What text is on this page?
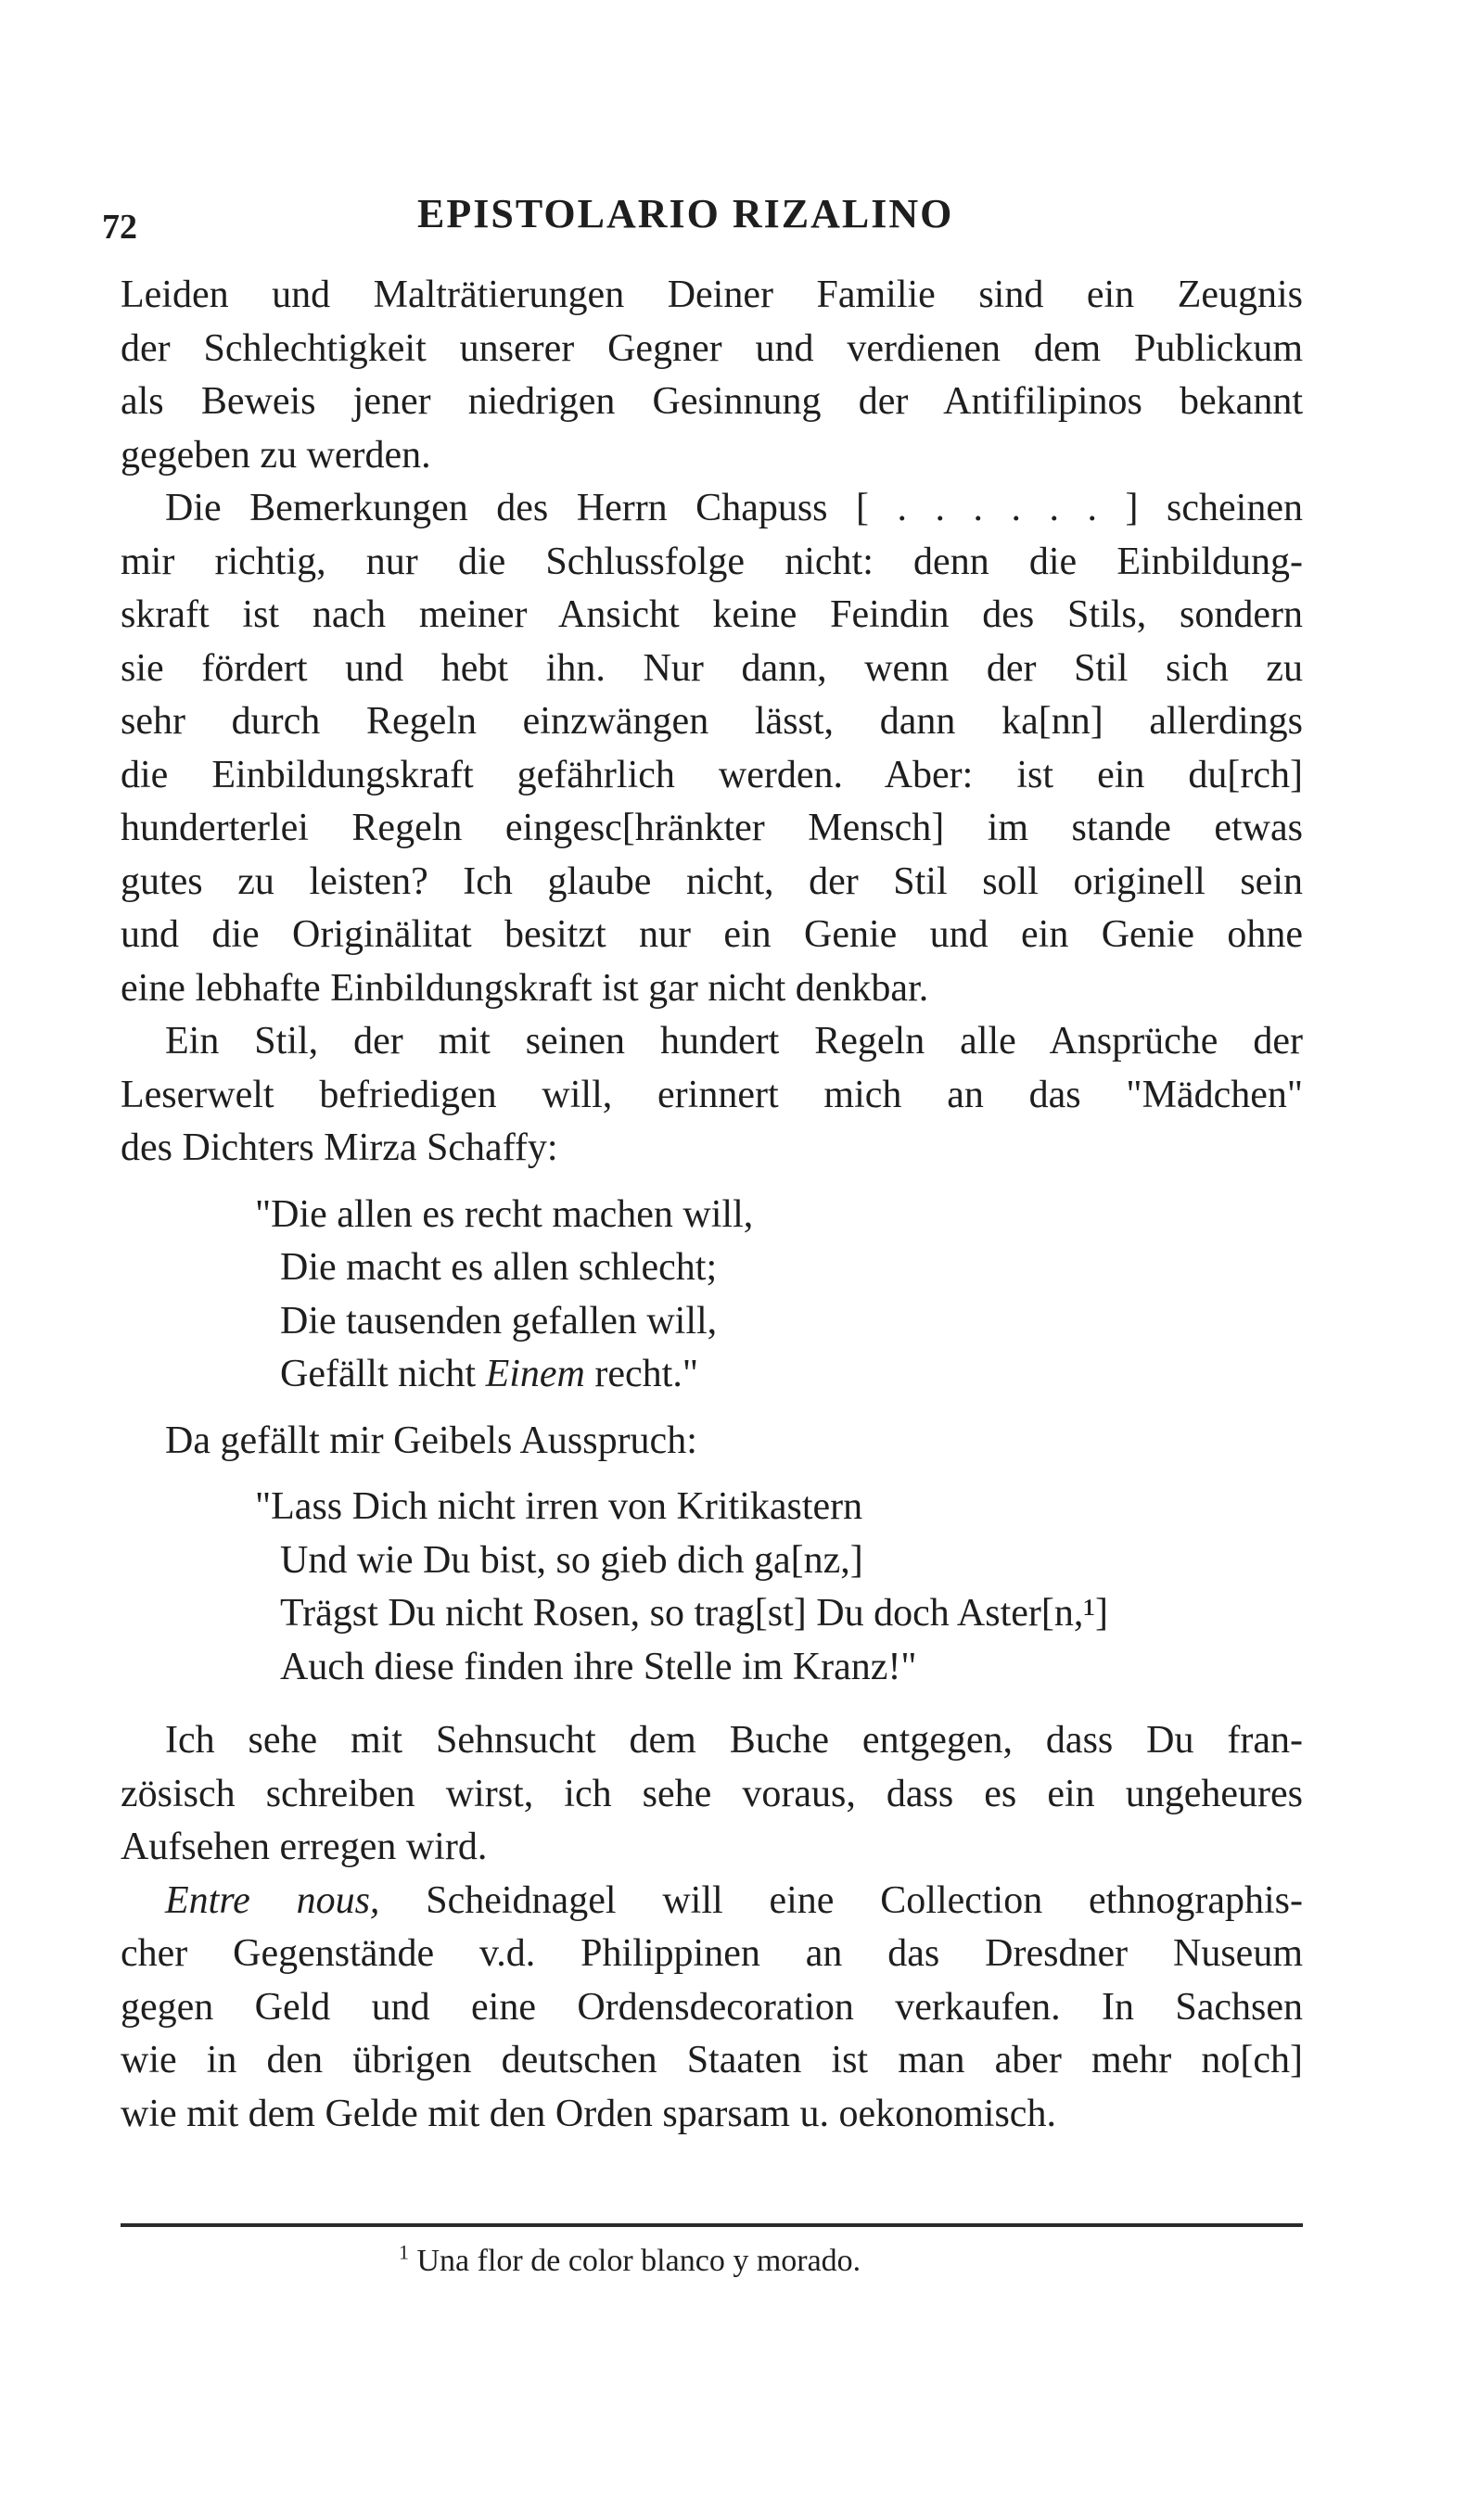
72	EPISTOLARIO RIZALINO
Leiden und Malträtierungen Deiner Familie sind ein Zeugnis
der Schlechtigkeit unserer Gegner und verdienen dem Publickum
als Beweis jener niedrigen Gesinnung der Antifilipinos bekannt
gegeben zu werden.
Die Bemerkungen des Herrn Chapuss [ . . . . . . ] scheinen
mir richtig, nur die Schlussfolge nicht: denn die Einbildung-
skraft ist nach meiner Ansicht keine Feindin des Stils, sondern
sie fördert und hebt ihn. Nur dann, wenn der Stil sich zu
sehr durch Regeln einzwängen lässt, dann ka[nn] allerdings
die Einbildungskraft gefährlich werden. Aber: ist ein du[rch]
hunderterlei Regeln eingesc[hränkter Mensch] im stande etwas
gutes zu leisten? Ich glaube nicht, der Stil soll originell sein
und die Originälitat besitzt nur ein Genie und ein Genie ohne
eine lebhafte Einbildungskraft ist gar nicht denkbar.
Ein Stil, der mit seinen hundert Regeln alle Ansprüche der
Leserwelt befriedigen will, erinnert mich an das "Mädchen"
des Dichters Mirza Schaffy:
"Die allen es recht machen will,
Die macht es allen schlecht;
Die tausenden gefallen will,
Gefällt nicht Einem recht."
Da gefällt mir Geibels Ausspruch:
"Lass Dich nicht irren von Kritikastern
Und wie Du bist, so gieb dich ga[nz,]
Trägst Du nicht Rosen, so trag[st] Du doch Aster[n,¹]
Auch diese finden ihre Stelle im Kranz!"
Ich sehe mit Sehnsucht dem Buche entgegen, dass Du fran-
zösisch schreiben wirst, ich sehe voraus, dass es ein ungeheures
Aufsehen erregen wird.
Entre nous, Scheidnagel will eine Collection ethnographis-
cher Gegenstände v.d. Philippinen an das Dresdner Nuseum
gegen Geld und eine Ordensdecoration verkaufen. In Sachsen
wie in den übrigen deutschen Staaten ist man aber mehr no[ch]
wie mit dem Gelde mit den Orden sparsam u. oekonomisch.
$^1$ Una flor de color blanco y morado.
